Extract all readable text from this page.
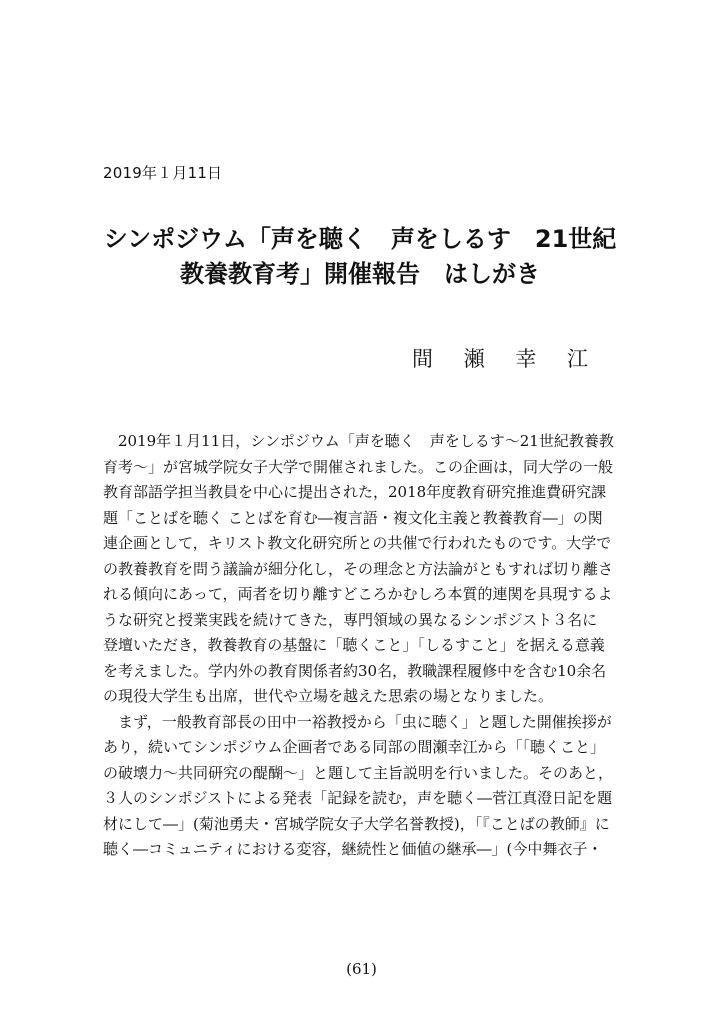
2019年１月11日
シンポジウム「声を聴く　声をしるす　21世紀
教養教育考」開催報告　はしがき
間 瀬 幸 江
　2019年１月11日，シンポジウム「声を聴く　声をしるす～21世紀教養教
育考～」が宮城学院女子大学で開催されました。この企画は，同大学の一般
教育部語学担当教員を中心に提出された，2018年度教育研究推進費研究課
題「ことばを聴く ことばを育む―複言語・複文化主義と教養教育―」の関
連企画として，キリスト教文化研究所との共催で行われたものです。大学で
の教養教育を問う議論が細分化し，その理念と方法論がともすれば切り離さ
れる傾向にあって，両者を切り離すどころかむしろ本質的連関を具現するよ
うな研究と授業実践を続けてきた，専門領域の異なるシンポジスト３名に
登壇いただき，教養教育の基盤に「聴くこと」「しるすこと」を据える意義
を考えました。学内外の教育関係者約30名，教職課程履修中を含む10余名
の現役大学生も出席，世代や立場を越えた思索の場となりました。
　まず，一般教育部長の田中一裕教授から「虫に聴く」と題した開催挨拶が
あり，続いてシンポジウム企画者である同部の間瀬幸江から「「聴くこと」
の破壊力～共同研究の醍醐～」と題して主旨説明を行いました。そのあと，
３人のシンポジストによる発表「記録を読む，声を聴く―菅江真澄日記を題
材にして―」(菊池勇夫・宮城学院女子大学名誉教授)，「『ことばの教師』に
聴く―コミュニティにおける変容，継続性と価値の継承―」(今中舞衣子・
(61)
